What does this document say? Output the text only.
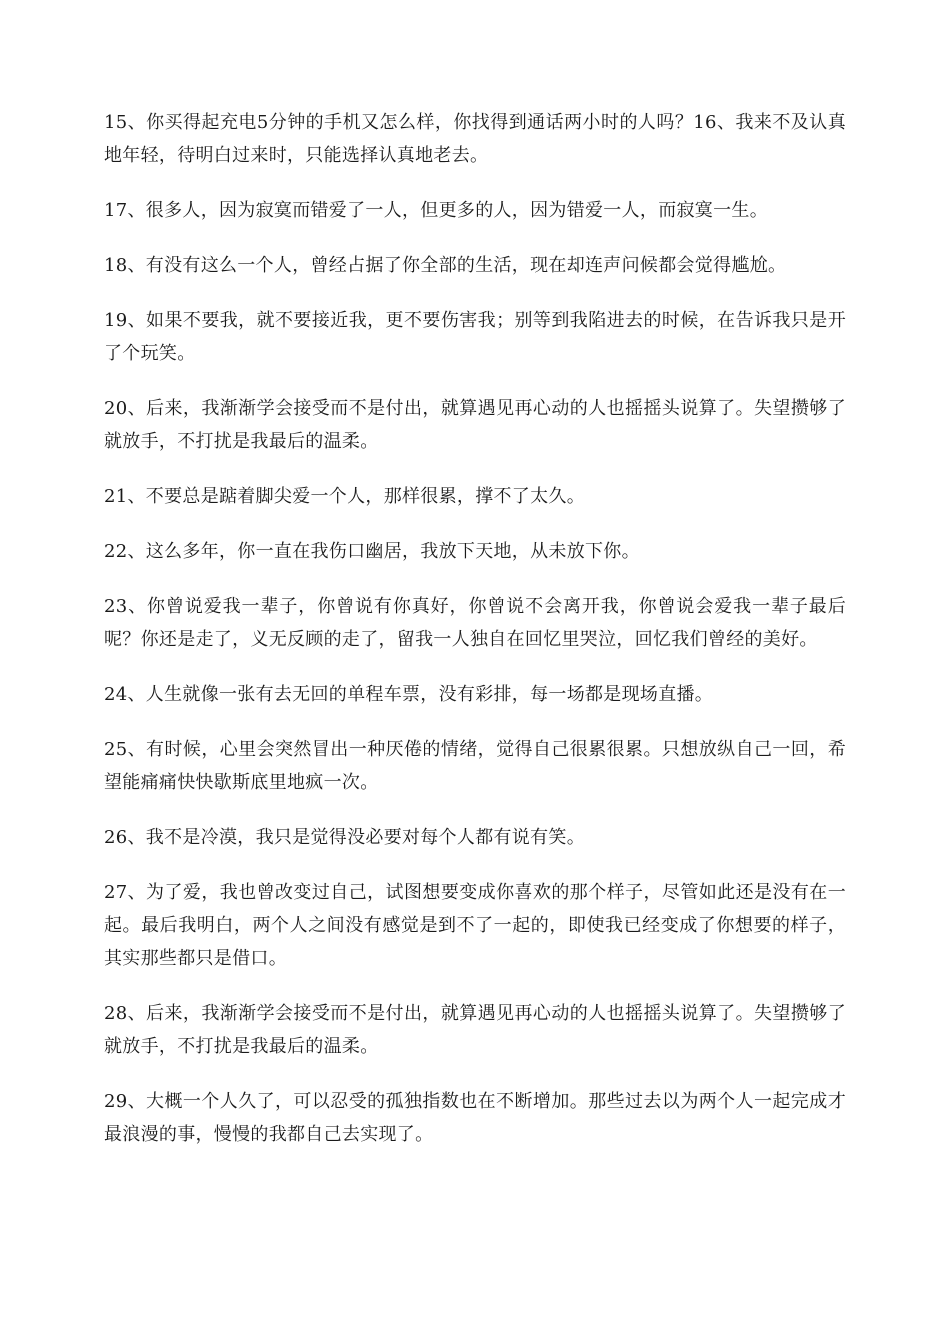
15、你买得起充电5分钟的手机又怎么样，你找得到通话两小时的人吗？16、我来不及认真地年轻，待明白过来时，只能选择认真地老去。

17、很多人，因为寂寞而错爱了一人，但更多的人，因为错爱一人，而寂寞一生。

18、有没有这么一个人，曾经占据了你全部的生活，现在却连声问候都会觉得尴尬。

19、如果不要我，就不要接近我，更不要伤害我；别等到我陷进去的时候，在告诉我只是开了个玩笑。

20、后来，我渐渐学会接受而不是付出，就算遇见再心动的人也摇摇头说算了。失望攒够了就放手，不打扰是我最后的温柔。

21、不要总是踮着脚尖爱一个人，那样很累，撑不了太久。

22、这么多年，你一直在我伤口幽居，我放下天地，从未放下你。

23、你曾说爱我一辈子，你曾说有你真好，你曾说不会离开我，你曾说会爱我一辈子最后呢？你还是走了，义无反顾的走了，留我一人独自在回忆里哭泣，回忆我们曾经的美好。

24、人生就像一张有去无回的单程车票，没有彩排，每一场都是现场直播。

25、有时候，心里会突然冒出一种厌倦的情绪，觉得自己很累很累。只想放纵自己一回，希望能痛痛快快歇斯底里地疯一次。

26、我不是冷漠，我只是觉得没必要对每个人都有说有笑。

27、为了爱，我也曾改变过自己，试图想要变成你喜欢的那个样子，尽管如此还是没有在一起。最后我明白，两个人之间没有感觉是到不了一起的，即使我已经变成了你想要的样子，其实那些都只是借口。

28、后来，我渐渐学会接受而不是付出，就算遇见再心动的人也摇摇头说算了。失望攒够了就放手，不打扰是我最后的温柔。

29、大概一个人久了，可以忍受的孤独指数也在不断增加。那些过去以为两个人一起完成才最浪漫的事，慢慢的我都自己去实现了。
